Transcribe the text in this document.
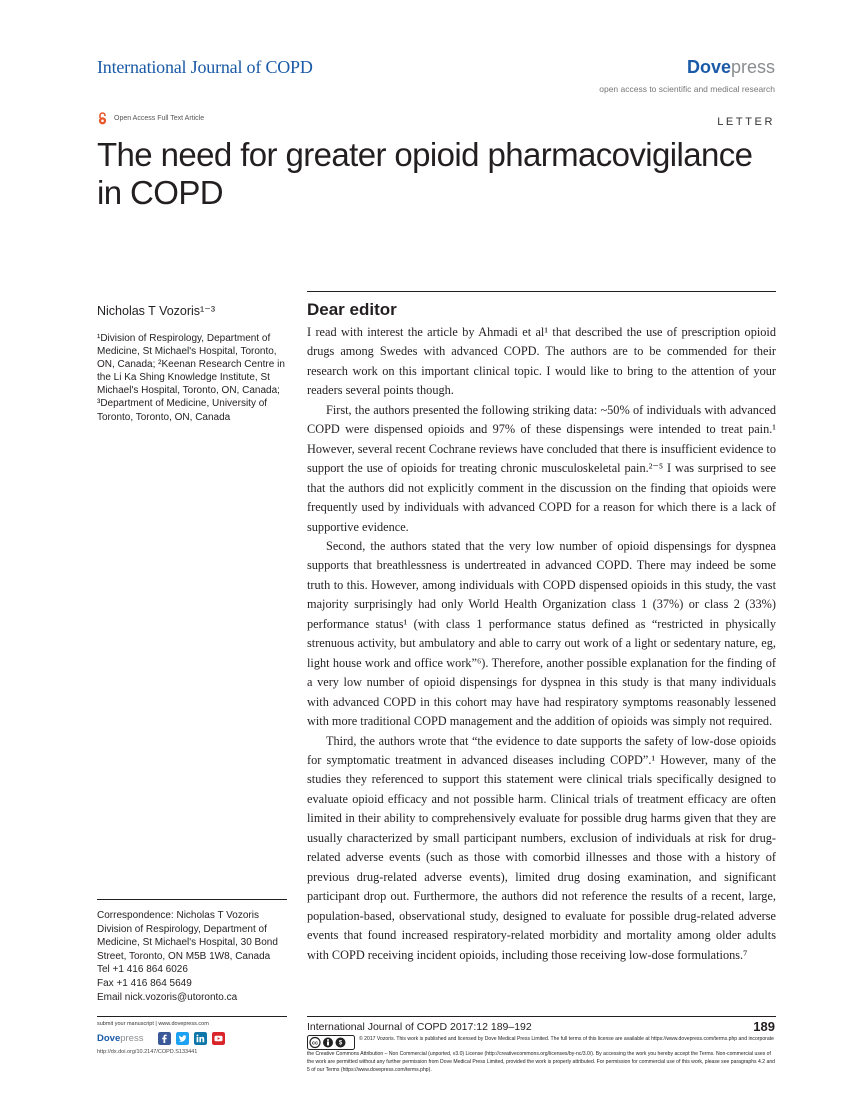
International Journal of COPD	Dovepress
open access to scientific and medical research
Open Access Full Text Article	LETTER
The need for greater opioid pharmacovigilance in COPD
Nicholas T Vozoris¹⁻³
¹Division of Respirology, Department of Medicine, St Michael's Hospital, Toronto, ON, Canada; ²Keenan Research Centre in the Li Ka Shing Knowledge Institute, St Michael's Hospital, Toronto, ON, Canada; ³Department of Medicine, University of Toronto, Toronto, ON, Canada
Dear editor

I read with interest the article by Ahmadi et al¹ that described the use of prescription opioid drugs among Swedes with advanced COPD. The authors are to be commended for their research work on this important clinical topic. I would like to bring to the attention of your readers several points though.

First, the authors presented the following striking data: ~50% of individuals with advanced COPD were dispensed opioids and 97% of these dispensings were intended to treat pain.¹ However, several recent Cochrane reviews have concluded that there is insufficient evidence to support the use of opioids for treating chronic musculoskeletal pain.²⁻⁵ I was surprised to see that the authors did not explicitly comment in the discussion on the finding that opioids were frequently used by individuals with advanced COPD for a reason for which there is a lack of supportive evidence.

Second, the authors stated that the very low number of opioid dispensings for dyspnea supports that breathlessness is undertreated in advanced COPD. There may indeed be some truth to this. However, among individuals with COPD dispensed opioids in this study, the vast majority surprisingly had only World Health Organization class 1 (37%) or class 2 (33%) performance status¹ (with class 1 performance status defined as “restricted in physically strenuous activity, but ambulatory and able to carry out work of a light or sedentary nature, eg, light house work and office work”⁶). Therefore, another possible explanation for the finding of a very low number of opioid dispensings for dyspnea in this study is that many individuals with advanced COPD in this cohort may have had respiratory symptoms reasonably lessened with more traditional COPD management and the addition of opioids was simply not required.

Third, the authors wrote that “the evidence to date supports the safety of low-dose opioids for symptomatic treatment in advanced diseases including COPD”.¹ However, many of the studies they referenced to support this statement were clinical trials specifically designed to evaluate opioid efficacy and not possible harm. Clinical trials of treatment efficacy are often limited in their ability to comprehensively evaluate for possible drug harms given that they are usually characterized by small participant numbers, exclusion of individuals at risk for drug-related adverse events (such as those with comorbid illnesses and those with a history of previous drug-related adverse events), limited drug dosing examination, and significant participant drop out. Furthermore, the authors did not reference the results of a recent, large, population-based, observational study, designed to evaluate for possible drug-related adverse events that found increased respiratory-related morbidity and mortality among older adults with COPD receiving incident opioids, including those receiving low-dose formulations.⁷

Correspondence: Nicholas T Vozoris
Division of Respirology, Department of
Medicine, St Michael's Hospital, 30 Bond
Street, Toronto, ON M5B 1W8, Canada
Tel +1 416 864 6026
Fax +1 416 864 5649
Email nick.vozoris@utoronto.ca
submit your manuscript | www.dovepress.com
Dovepress
http://dx.doi.org/10.2147/COPD.S133441
International Journal of COPD 2017:12 189–192	189
cc	$
© 2017 Vozoris. This work is published and licensed by Dove Medical Press Limited. The full terms of this license are available at https://www.dovepress.com/terms.php and incorporate the Creative Commons Attribution – Non Commercial (unported, v3.0) License (http://creativecommons.org/licenses/by-nc/3.0/). By accessing the work you hereby accept the Terms. Non-commercial uses of the work are permitted without any further permission from Dove Medical Press Limited, provided the work is properly attributed. For permission for commercial use of this work, please see paragraphs 4.2 and 5 of our Terms (https://www.dovepress.com/terms.php).
